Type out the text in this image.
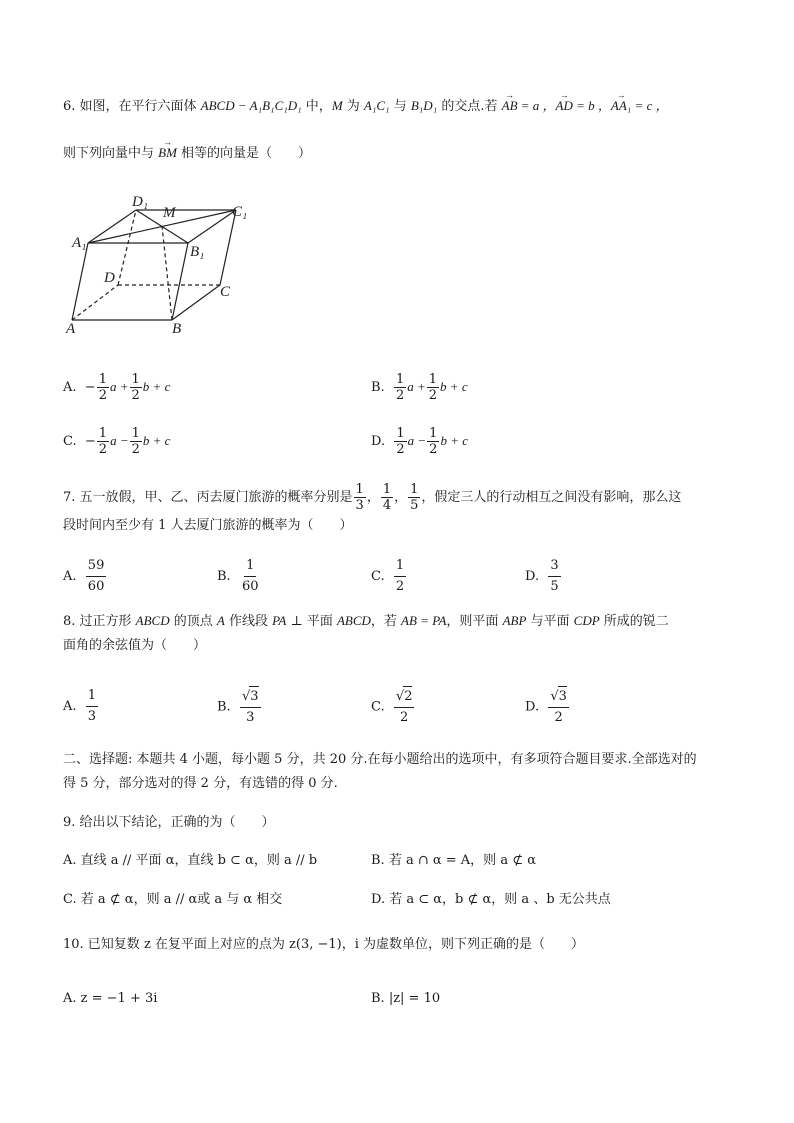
6. 如图，在平行六面体 ABCD − A₁B₁C₁D₁ 中，M 为 A₁C₁ 与 B₁D₁ 的交点.若 → AB = a ，→ AD = b ，→ AA₁ = c ，
则下列向量中与 → BM 相等的向量是（　　）
D₁
M	C₁
A₁
B₁
D
C
A	B
A. − $\frac{1}{2}$ $a + \frac{1}{2}$ b + c	B. $\frac{1}{2}$ $a + \frac{1}{2}$ b + c
C. − $\frac{1}{2}$ $a - \frac{1}{2}$ b + c	D. $\frac{1}{2}$ $a - \frac{1}{2}$ b + c
7. 五一放假，甲、乙、丙去厦门旅游的概率分别是 $\frac{1}{3}$ ， $\frac{1}{4}$ ， $\frac{1}{5}$ ，假定三人的行动相互之间没有影响，那么这
段时间内至少有 1 人去厦门旅游的概率为（　　）
A. $\frac{59}{60}$	B. $\frac{1}{60}$	C. $\frac{1}{2}$	D. $\frac{3}{5}$
8. 过正方形 ABCD 的顶点 A 作线段 PA ⊥ 平面 ABCD，若 AB = PA，则平面 ABP 与平面 CDP 所成的锐二
面角的余弦值为（　　）
A. $\frac{1}{3}$	B. $\frac{√3}{3}$	C. $\frac{√2}{2}$	D. $\frac{√3}{2}$
二、选择题: 本题共 4 小题，每小题 5 分，共 20 分.在每小题给出的选项中，有多项符合题目要求.全部选对的
得 5 分，部分选对的得 2 分，有选错的得 0 分.
9. 给出以下结论，正确的为（　　）
A. 直线 a // 平面 α，直线 b ⊂ α，则 a // b	B. 若 a ∩ α = A，则 a ⊄ α
C. 若 a ⊄ α，则 a // α或 a 与 α 相交	D. 若 a ⊂ α，b ⊄ α，则 a 、b 无公共点
10. 已知复数 z 在复平面上对应的点为 z(3, −1)，i 为虚数单位，则下列正确的是（　　）
A. z = −1 + 3i	B. |z| = 10
